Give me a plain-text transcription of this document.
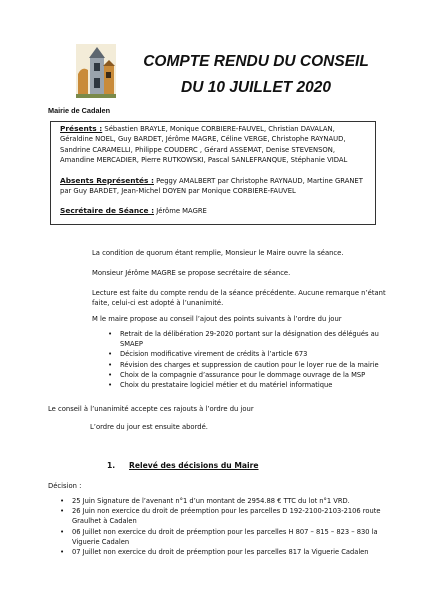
COMPTE RENDU DU CONSEIL
DU 10 JUILLET 2020
Mairie de Cadalen
Présents : Sébastien BRAYLE, Monique CORBIERE-FAUVEL, Christian DAVALAN, Géraldine NOEL, Guy BARDET, Jérôme MAGRE, Céline VERGE, Christophe RAYNAUD, Sandrine CARAMELLI, Philippe COUDERC , Gérard ASSEMAT, Denise STEVENSON, Amandine MERCADIER, Pierre RUTKOWSKI, Pascal SANLEFRANQUE, Stéphanie VIDAL
Absents Représentés : Peggy AMALBERT par Christophe RAYNAUD, Martine GRANET par Guy BARDET, Jean-Michel DOYEN par Monique CORBIERE-FAUVEL
Secrétaire de Séance : Jérôme MAGRE
La condition de quorum étant remplie, Monsieur le Maire ouvre la séance.
Monsieur Jérôme MAGRE se propose secrétaire de séance.
Lecture est faite du compte rendu de la séance précédente. Aucune remarque n’étant faite, celui-ci est adopté à l’unanimité.
M le maire propose au conseil l’ajout des points suivants à l’ordre du jour
• Retrait de la délibération 29-2020 portant sur la désignation des délégués au SMAEP
• Décision modificative virement de crédits à l’article 673
• Révision des charges et suppression de caution pour le loyer rue de la mairie
• Choix de la compagnie d’assurance pour le dommage ouvrage de la MSP
• Choix du prestataire logiciel métier et du matériel informatique
Le conseil à l’unanimité accepte ces rajouts à l’ordre du jour
L’ordre du jour est ensuite abordé.
1. Relevé des décisions du Maire
Décision :
• 25 Juin Signature de l’avenant n°1 d’un montant de 2954.88 € TTC du lot n°1 VRD.
• 26 Juin non exercice du droit de préemption pour les parcelles D 192-2100-2103-2106 route Graulhet à Cadalen
• 06 Juillet non exercice du droit de préemption pour les parcelles H 807 – 815 – 823 – 830 la Viguerie Cadalen
• 07 Juillet non exercice du droit de préemption pour les parcelles 817 la Viguerie Cadalen
